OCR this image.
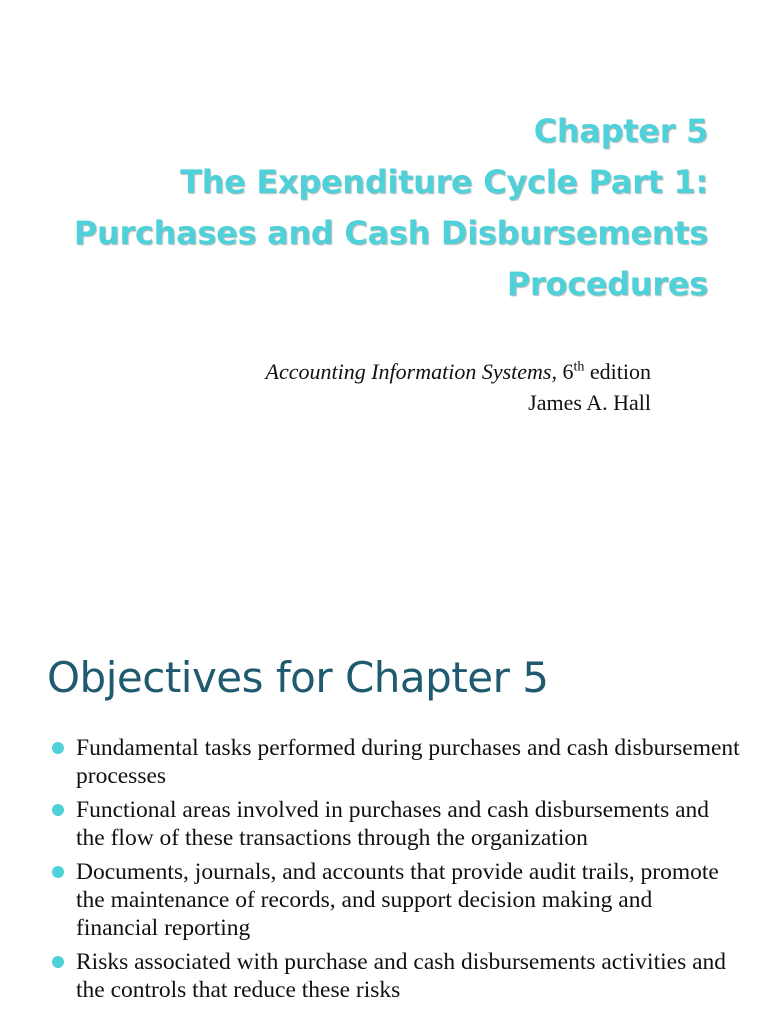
Chapter 5
The Expenditure Cycle Part 1:
Purchases and Cash Disbursements
Procedures
Accounting Information Systems, 6th edition
James A. Hall
Objectives for Chapter 5
Fundamental tasks performed during purchases and cash disbursement processes
Functional areas involved in purchases and cash disbursements and the flow of these transactions through the organization
Documents, journals, and accounts that provide audit trails, promote the maintenance of records, and support decision making and financial reporting
Risks associated with purchase and cash disbursements activities and the controls that reduce these risks
